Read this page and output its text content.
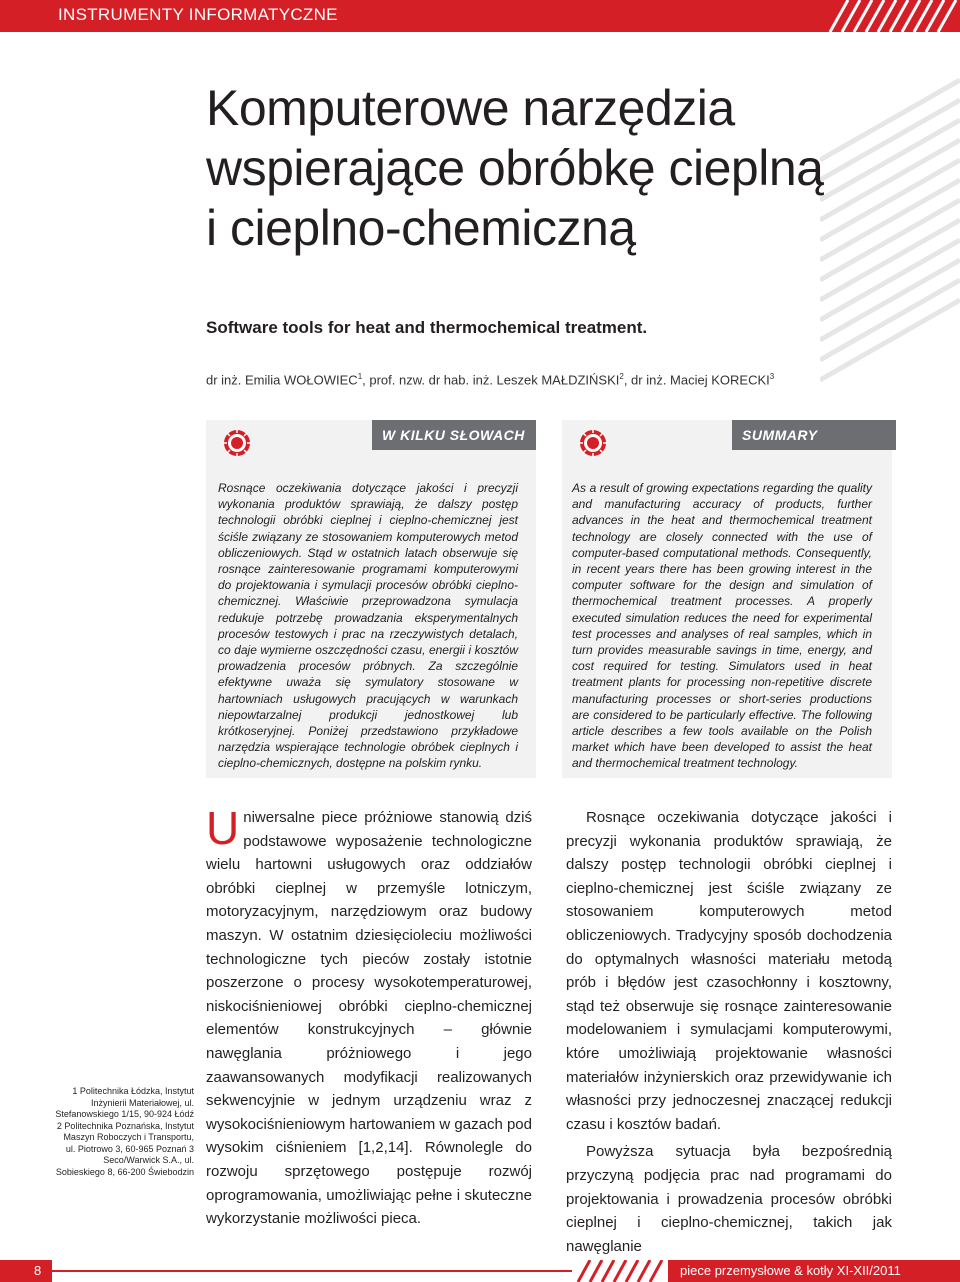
INSTRUMENTY INFORMATYCZNE
Komputerowe narzędzia
wspierające obróbkę cieplną
i cieplno-chemiczną
Software tools for heat and thermochemical treatment.
dr inż. Emilia WOŁOWIEC$^1$, prof. nzw. dr hab. inż. Leszek MAŁDZIŃSKI$^2$, dr inż. Maciej KORECKI$^3$
W KILKU SŁOWACH	SUMMARY
Rosnące oczekiwania dotyczące jakości i precyzji wykonania produktów sprawiają, że dalszy postęp technologii obróbki cieplnej i cieplno-chemicznej jest ściśle związany ze stosowaniem komputerowych metod obliczeniowych. Stąd w ostatnich latach obserwuje się rosnące zainteresowanie programami komputerowymi do projektowania i symulacji procesów obróbki cieplno-chemicznej. Właściwie przeprowadzona symulacja redukuje potrzebę prowadzania eksperymentalnych procesów testowych i prac na rzeczywistych detalach, co daje wymierne oszczędności czasu, energii i kosztów prowadzenia procesów próbnych. Za szczególnie efektywne uważa się symulatory stosowane w hartowniach usługowych pracujących w warunkach niepowtarzalnej produkcji jednostkowej lub krótkoseryjnej. Poniżej przedstawiono przykładowe narzędzia wspierające technologie obróbek cieplnych i cieplno-chemicznych, dostępne na polskim rynku.
As a result of growing expectations regarding the quality and manufacturing accuracy of products, further advances in the heat and thermochemical treatment technology are closely connected with the use of computer-based computational methods. Consequently, in recent years there has been growing interest in the computer software for the design and simulation of thermochemical treatment processes. A properly executed simulation reduces the need for experimental test processes and analyses of real samples, which in turn provides measurable savings in time, energy, and cost required for testing. Simulators used in heat treatment plants for processing non-repetitive discrete manufacturing processes or short-series productions are considered to be particularly effective. The following article describes a few tools available on the Polish market which have been developed to assist the heat and thermochemical treatment technology.
1 Politechnika Łódzka, Instytut Inżynierii Materiałowej, ul. Stefanowskiego 1/15, 90-924 Łódź 2 Politechnika Poznańska, Instytut Maszyn Roboczych i Transportu, ul. Piotrowo 3, 60-965 Poznań 3 Seco/Warwick S.A., ul. Sobieskiego 8, 66-200 Świebodzin
Uniwersalne piece próżniowe stanowią dziś podstawowe wyposażenie technologiczne wielu hartowni usługowych oraz oddziałów obróbki cieplnej w przemyśle lotniczym, motoryzacyjnym, narzędziowym oraz budowy maszyn. W ostatnim dziesięcioleciu możliwości technologiczne tych pieców zostały istotnie poszerzone o procesy wysokotemperaturowej, niskociśnieniowej obróbki cieplno-chemicznej elementów konstrukcyjnych – głównie nawęglania próżniowego i jego zaawansowanych modyfikacji realizowanych sekwencyjnie w jednym urządzeniu wraz z wysokociśnieniowym hartowaniem w gazach pod wysokim ciśnieniem [1,2,14]. Równolegle do rozwoju sprzętowego postępuje rozwój oprogramowania, umożliwiając pełne i skuteczne wykorzystanie możliwości pieca.

Rosnące oczekiwania dotyczące jakości i precyzji wykonania produktów sprawiają, że dalszy postęp technologii obróbki cieplnej i cieplno-chemicznej jest ściśle związany ze stosowaniem komputerowych metod obliczeniowych. Tradycyjny sposób dochodzenia do optymalnych własności materiału metodą prób i błędów jest czasochłonny i kosztowny, stąd też obserwuje się rosnące zainteresowanie modelowaniem i symulacjami komputerowymi, które umożliwiają projektowanie własności materiałów inżynierskich oraz przewidywanie ich własności przy jednoczesnej znaczącej redukcji czasu i kosztów badań.

Powyższa sytuacja była bezpośrednią przyczyną podjęcia prac nad programami do projektowania i prowadzenia procesów obróbki cieplnej i cieplno-chemicznej, takich jak nawęglanie

8	piece przemysłowe & kotły XI-XII/2011
